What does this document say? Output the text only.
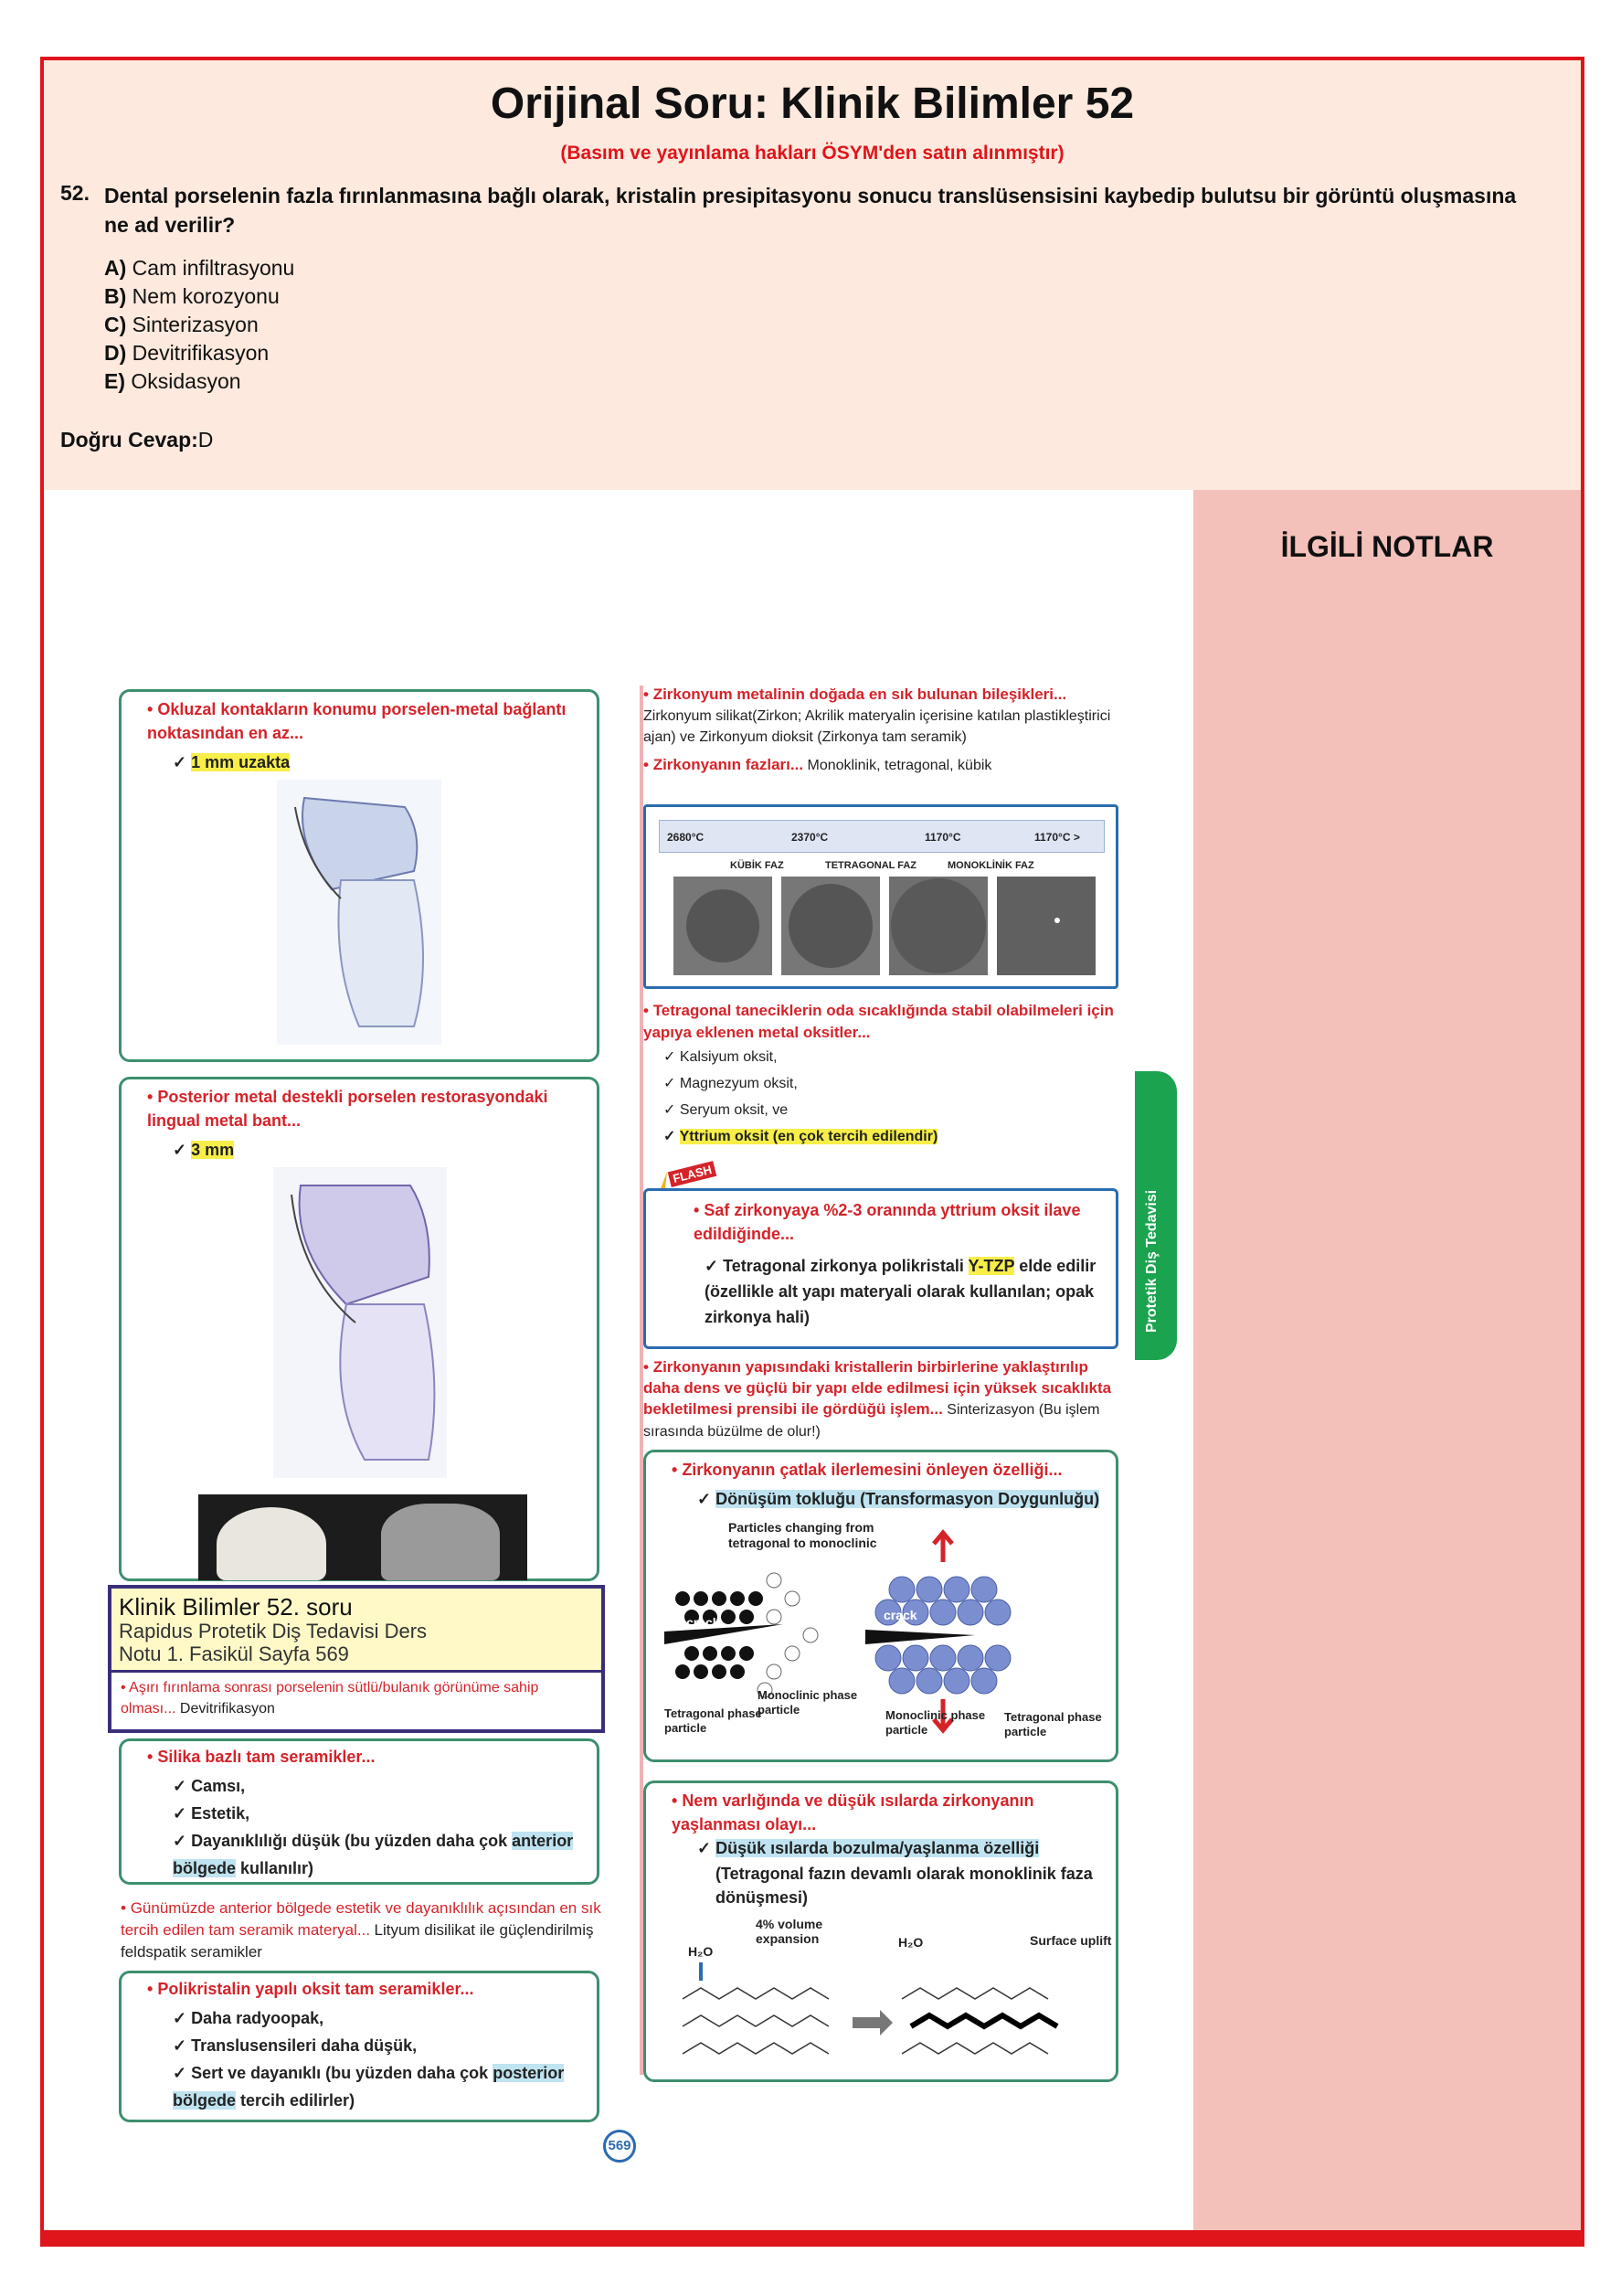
Orijinal Soru: Klinik Bilimler 52
(Basım ve yayınlama hakları ÖSYM'den satın alınmıştır)
52. Dental porselenin fazla fırınlanmasına bağlı olarak, kristalin presipitasyonu sonucu translüsensisini kaybedip bulutsu bir görüntü oluşmasına ne ad verilir?
A) Cam infiltrasyonu
B) Nem korozyonu
C) Sinterizasyon
D) Devitrifikasyon
E) Oksidasyon
Doğru Cevap:D
İLGİLİ NOTLAR
• Okluzal kontakların konumu porselen-metal bağlantı noktasından en az...
✓ 1 mm uzakta
• Posterior metal destekli porselen restorasyondaki lingual metal bant...
✓ 3 mm
Klinik Bilimler 52. soru
Rapidus Protetik Diş Tedavisi Ders
Notu 1. Fasikül Sayfa 569
• Aşırı fırınlama sonrası porselenin sütlü/bulanık görünüme sahip olması... Devitrifikasyon
• Silika bazlı tam seramikler...
✓ Camsı,
✓ Estetik,
✓ Dayanıklılığı düşük (bu yüzden daha çok anterior bölgede kullanılır)
• Günümüzde anterior bölgede estetik ve dayanıklılık açısından en sık tercih edilen tam seramik materyal... Lityum disilikat ile güçlendirilmiş feldspatik seramikler
• Polikristalin yapılı oksit tam seramikler...
✓ Daha radyoopak,
✓ Translusensileri daha düşük,
✓ Sert ve dayanıklı (bu yüzden daha çok posterior bölgede tercih edilirler)
569
• Zirkonyum metalinin doğada en sık bulunan bileşikleri...
Zirkonyum silikat(Zirkon; Akrilik materyalin içerisine katılan plastikleştirici ajan) ve Zirkonyum dioksit (Zirkonya tam seramik)
• Zirkonyanın fazları... Monoklinik, tetragonal, kübik
2680°C	2370°C	1170°C	1170°C >
KÜBİK FAZ	TETRAGONAL FAZ	MONOKLİNİK FAZ
• Tetragonal taneciklerin oda sıcaklığında stabil olabilmeleri için yapıya eklenen metal oksitler...
✓ Kalsiyum oksit,
✓ Magnezyum oksit,
✓ Seryum oksit, ve
✓ Yttrium oksit (en çok tercih edilendir)
FLASH
• Saf zirkonyaya %2-3 oranında yttrium oksit ilave edildiğinde...
✓ Tetragonal zirkonya polikristali Y-TZP elde edilir (özellikle alt yapı materyali olarak kullanılan; opak zirkonya hali)
• Zirkonyanın yapısındaki kristallerin birbirlerine yaklaştırılıp daha dens ve güçlü bir yapı elde edilmesi için yüksek sıcaklıkta bekletilmesi prensibi ile gördüğü işlem... Sinterizasyon (Bu işlem sırasında büzülme de olur!)
• Zirkonyanın çatlak ilerlemesini önleyen özelliği...
✓ Dönüşüm tokluğu (Transformasyon Doygunluğu)
Particles changing from tetragonal to monoclinic
crack	crack
Tetragonal phase particle
Monoclinic phase particle	Monoclinic phase particle
Tetragonal phase particle
• Nem varlığında ve düşük ısılarda zirkonyanın yaşlanması olayı...
✓ Düşük ısılarda bozulma/yaşlanma özelliği
(Tetragonal fazın devamlı olarak monoklinik faza dönüşmesi)
H₂O
4% volume expansion	H₂O	Surface uplift
Protetik Diş Tedavisi
